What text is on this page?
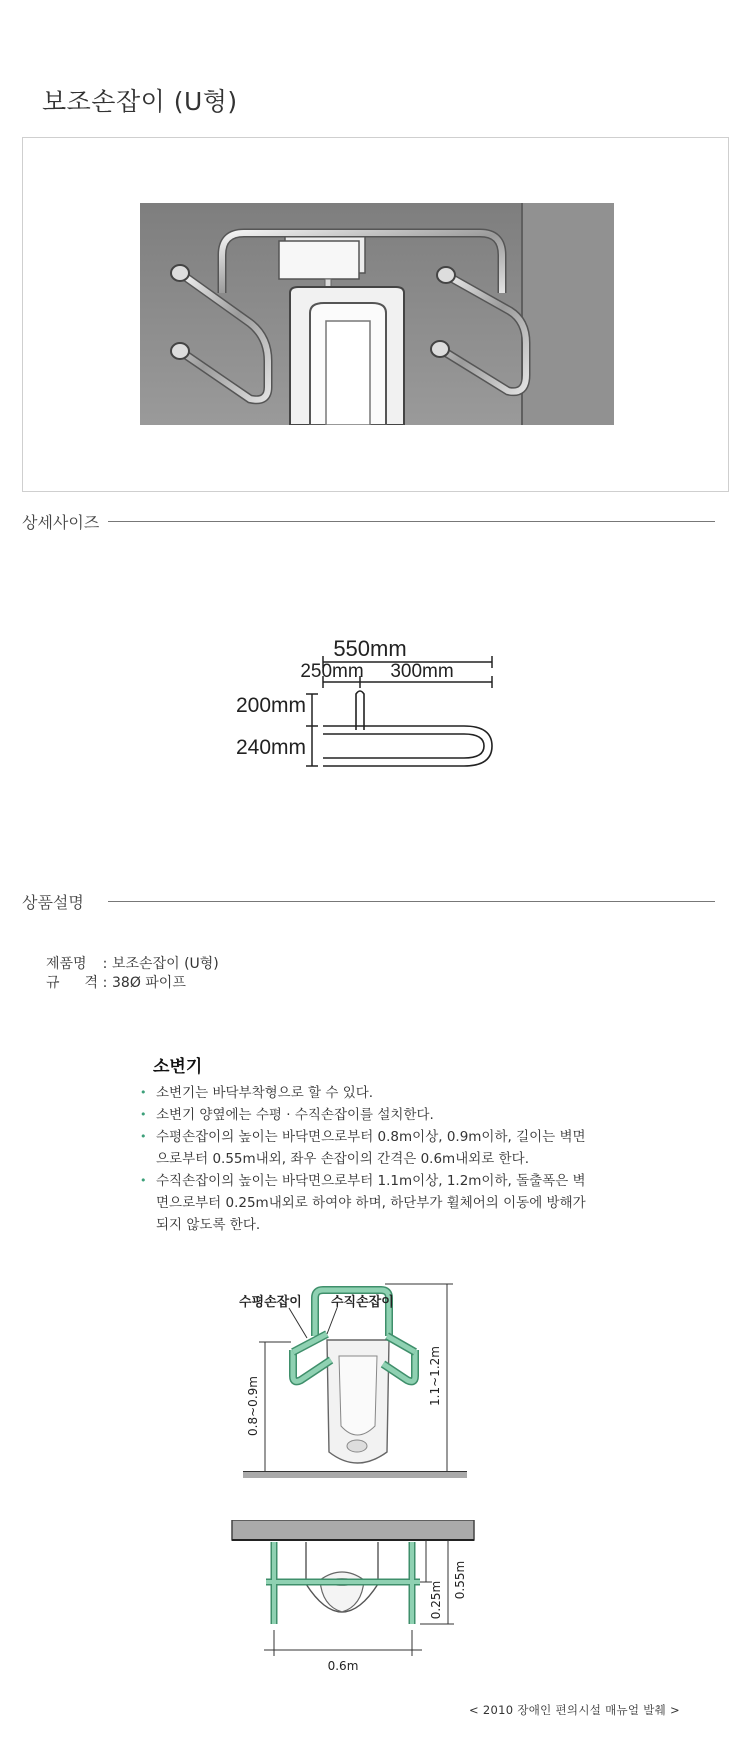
보조손잡이 (U형)
상세사이즈
550mm
250mm 300mm
200mm
240mm
상품설명
제품명	: 보조손잡이 (U형)
규 격 : 38Ø 파이프
소변기
• 소변기는 바닥부착형으로 할 수 있다.
• 소변기 양옆에는 수평 · 수직손잡이를 설치한다.
• 수평손잡이의 높이는 바닥면으로부터 0.8m이상, 0.9m이하, 길이는 벽면으로부터 0.55m내외, 좌우 손잡이의 간격은 0.6m내외로 한다.
• 수직손잡이의 높이는 바닥면으로부터 1.1m이상, 1.2m이하, 돌출폭은 벽면으로부터 0.25m내외로 하여야 하며, 하단부가 휠체어의 이동에 방해가 되지 않도록 한다.
수평손잡이 수직손잡이
0.8~0.9m
1.1~1.2m
0.6m
0.25m
0.55m
< 2010 장애인 편의시설 매뉴얼 발췌 >
